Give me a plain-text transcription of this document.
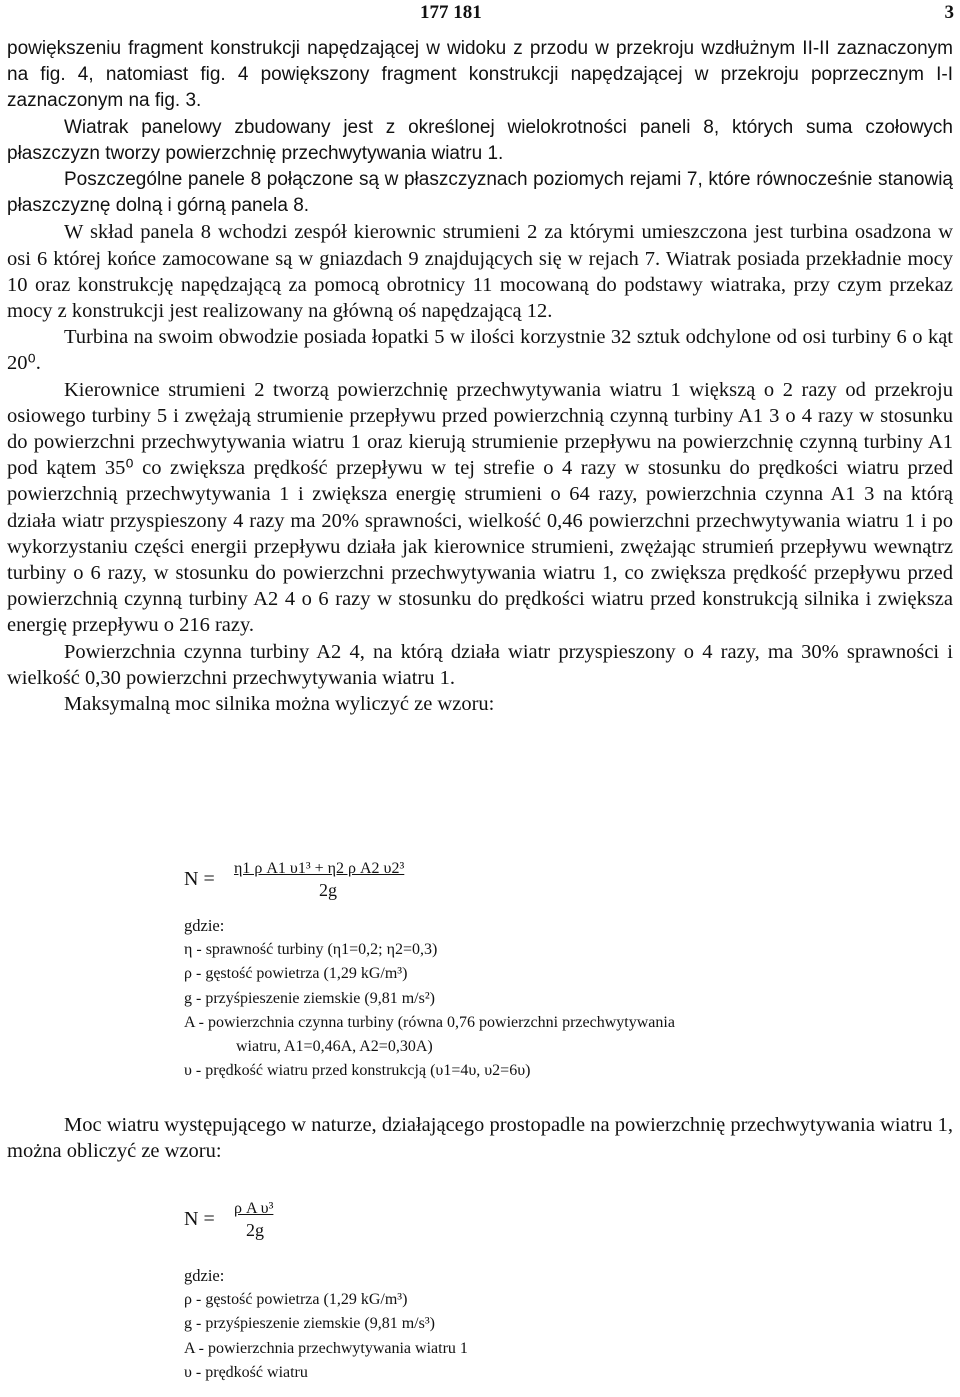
177 181	3

powiększeniu fragment konstrukcji napędzającej w widoku z przodu w przekroju wzdłużnym II-II zaznaczonym na fig. 4, natomiast fig. 4 powiększony fragment konstrukcji napędzającej w przekroju poprzecznym I-I zaznaczonym na fig. 3.

Wiatrak panelowy zbudowany jest z określonej wielokrotności paneli 8, których suma czołowych płaszczyzn tworzy powierzchnię przechwytywania wiatru 1.

Poszczególne panele 8 połączone są w płaszczyznach poziomych rejami 7, które równocześnie stanowią płaszczyznę dolną i górną panela 8.

W skład panela 8 wchodzi zespół kierownic strumieni 2 za którymi umieszczona jest turbina osadzona w osi 6 której końce zamocowane są w gniazdach 9 znajdujących się w rejach 7. Wiatrak posiada przekładnie mocy 10 oraz konstrukcję napędzającą za pomocą obrotnicy 11 mocowaną do podstawy wiatraka, przy czym przekaz mocy z konstrukcji jest realizowany na główną oś napędzającą 12.

Turbina na swoim obwodzie posiada łopatki 5 w ilości korzystnie 32 sztuk odchylone od osi turbiny 6 o kąt 20⁰.

Kierownice strumieni 2 tworzą powierzchnię przechwytywania wiatru 1 większą o 2 razy od przekroju osiowego turbiny 5 i zwężają strumienie przepływu przed powierzchnią czynną turbiny A1 3 o 4 razy w stosunku do powierzchni przechwytywania wiatru 1 oraz kierują strumienie przepływu na powierzchnię czynną turbiny A1 pod kątem 35⁰ co zwiększa prędkość przepływu w tej strefie o 4 razy w stosunku do prędkości wiatru przed powierzchnią przechwytywania 1 i zwiększa energię strumieni o 64 razy, powierzchnia czynna A1 3 na którą działa wiatr przyspieszony 4 razy ma 20% sprawności, wielkość 0,46 powierzchni przechwytywania wiatru 1 i po wykorzystaniu części energii przepływu działa jak kierownice strumieni, zwężając strumień przepływu wewnątrz turbiny o 6 razy, w stosunku do powierzchni przechwytywania wiatru 1, co zwiększa prędkość przepływu przed powierzchnią czynną turbiny A2 4 o 6 razy w stosunku do prędkości wiatru przed konstrukcją silnika i zwiększa energię przepływu o 216 razy.

Powierzchnia czynna turbiny A2 4, na którą działa wiatr przyspieszony o 4 razy, ma 30% sprawności i wielkość 0,30 powierzchni przechwytywania wiatru 1.

Maksymalną moc silnika można wyliczyć ze wzoru:

N = η1 ρ A1 υ1³ + η2 ρ A2 υ2³
2g
gdzie:
η - sprawność turbiny (η1=0,2; η2=0,3)
ρ - gęstość powietrza (1,29 kG/m³)
g - przyśpieszenie ziemskie (9,81 m/s²)
A - powierzchnia czynna turbiny (równa 0,76 powierzchni przechwytywania
wiatru, A1=0,46A, A2=0,30A)
υ - prędkość wiatru przed konstrukcją (υ1=4υ, υ2=6υ)

Moc wiatru występującego w naturze, działającego prostopadle na powierzchnię przechwytywania wiatru 1, można obliczyć ze wzoru:

N = ρ A υ³
2g
gdzie:
ρ - gęstość powietrza (1,29 kG/m³)
g - przyśpieszenie ziemskie (9,81 m/s³)
A - powierzchnia przechwytywania wiatru 1
υ - prędkość wiatru
